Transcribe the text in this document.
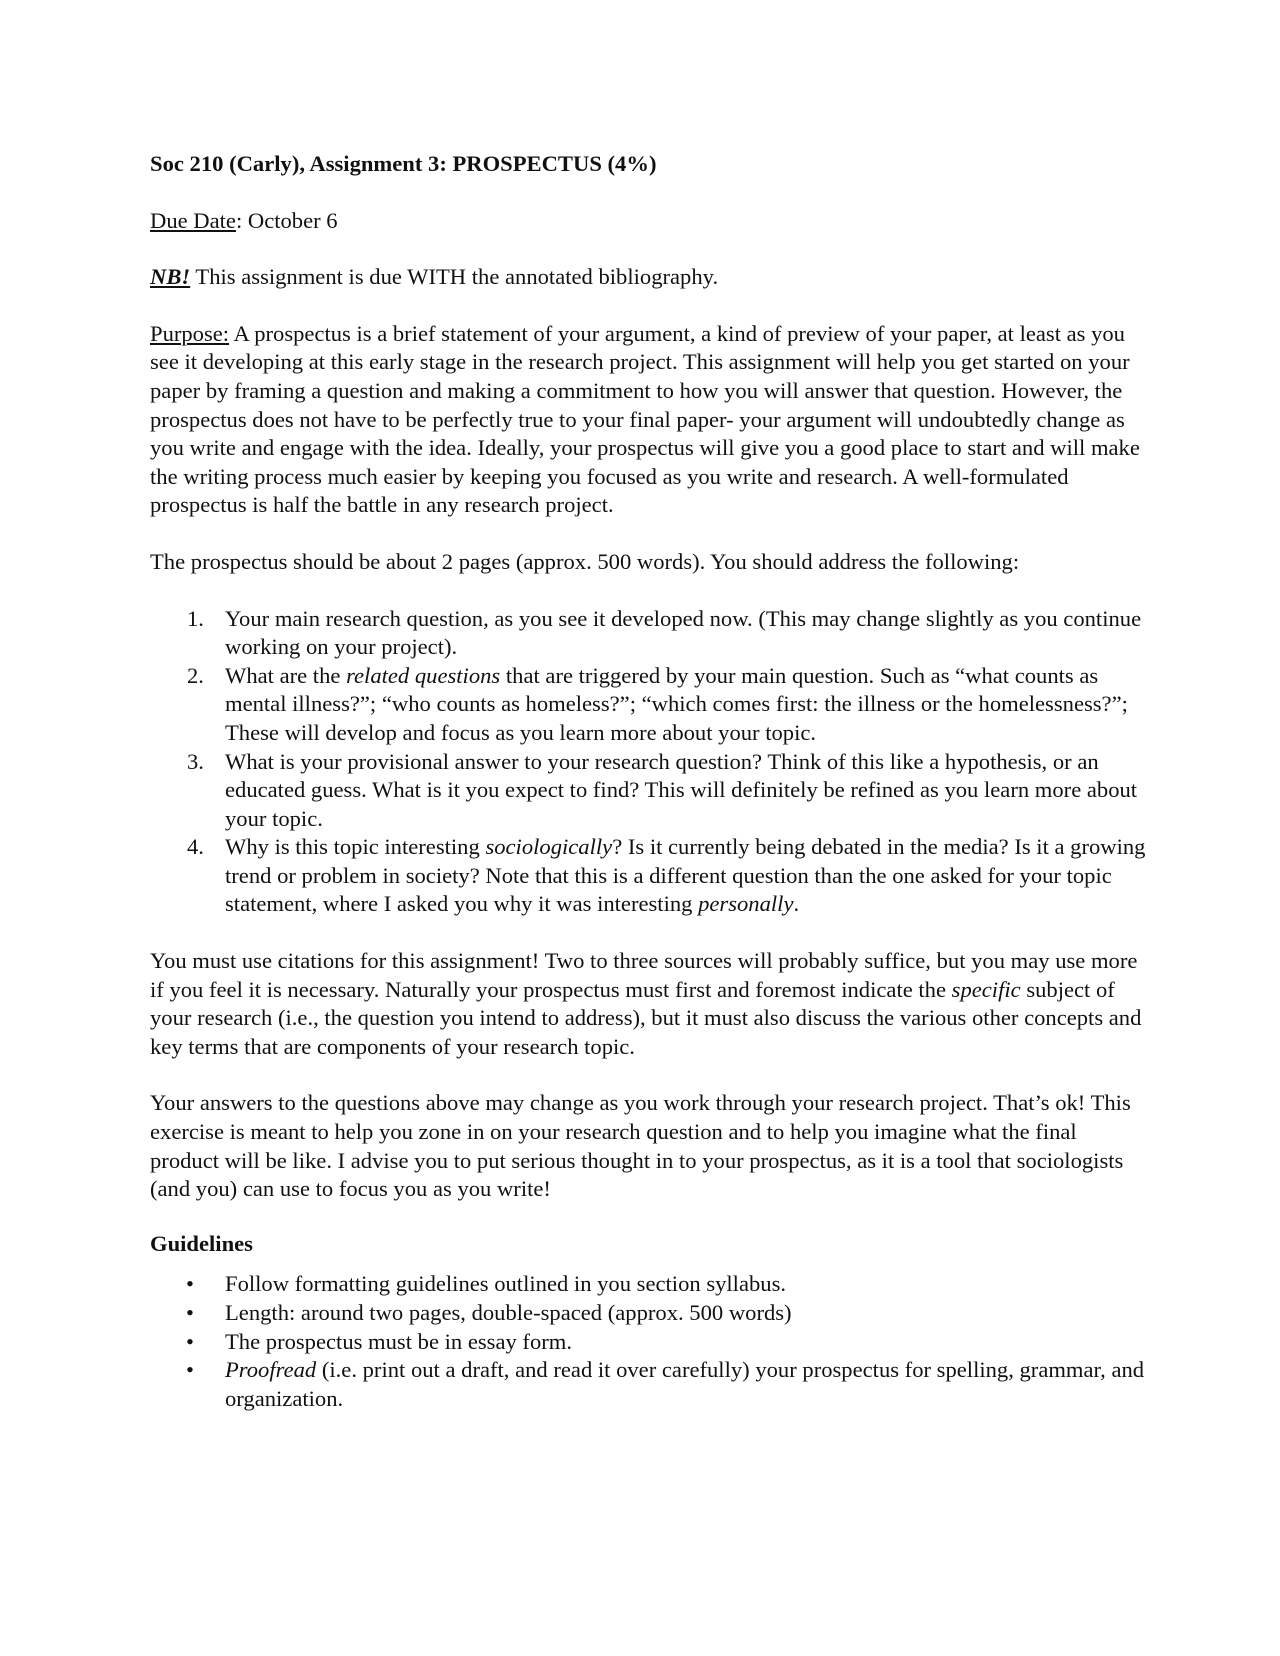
Soc 210 (Carly), Assignment 3: PROSPECTUS (4%)

Due Date: October 6

NB! This assignment is due WITH the annotated bibliography.

Purpose: A prospectus is a brief statement of your argument, a kind of preview of your paper, at least as you see it developing at this early stage in the research project. This assignment will help you get started on your paper by framing a question and making a commitment to how you will answer that question. However, the prospectus does not have to be perfectly true to your final paper- your argument will undoubtedly change as you write and engage with the idea. Ideally, your prospectus will give you a good place to start and will make the writing process much easier by keeping you focused as you write and research. A well-formulated prospectus is half the battle in any research project.

The prospectus should be about 2 pages (approx. 500 words). You should address the following:

1. Your main research question, as you see it developed now. (This may change slightly as you continue working on your project).
2. What are the related questions that are triggered by your main question. Such as “what counts as mental illness?”; “who counts as homeless?”; “which comes first: the illness or the homelessness?”; These will develop and focus as you learn more about your topic.
3. What is your provisional answer to your research question? Think of this like a hypothesis, or an educated guess. What is it you expect to find? This will definitely be refined as you learn more about your topic.
4. Why is this topic interesting sociologically? Is it currently being debated in the media? Is it a growing trend or problem in society? Note that this is a different question than the one asked for your topic statement, where I asked you why it was interesting personally.

You must use citations for this assignment! Two to three sources will probably suffice, but you may use more if you feel it is necessary. Naturally your prospectus must first and foremost indicate the specific subject of your research (i.e., the question you intend to address), but it must also discuss the various other concepts and key terms that are components of your research topic.

Your answers to the questions above may change as you work through your research project. That’s ok! This exercise is meant to help you zone in on your research question and to help you imagine what the final product will be like. I advise you to put serious thought in to your prospectus, as it is a tool that sociologists (and you) can use to focus you as you write!

Guidelines

• Follow formatting guidelines outlined in you section syllabus.
• Length: around two pages, double-spaced (approx. 500 words)
• The prospectus must be in essay form.
• Proofread (i.e. print out a draft, and read it over carefully) your prospectus for spelling, grammar, and organization.
